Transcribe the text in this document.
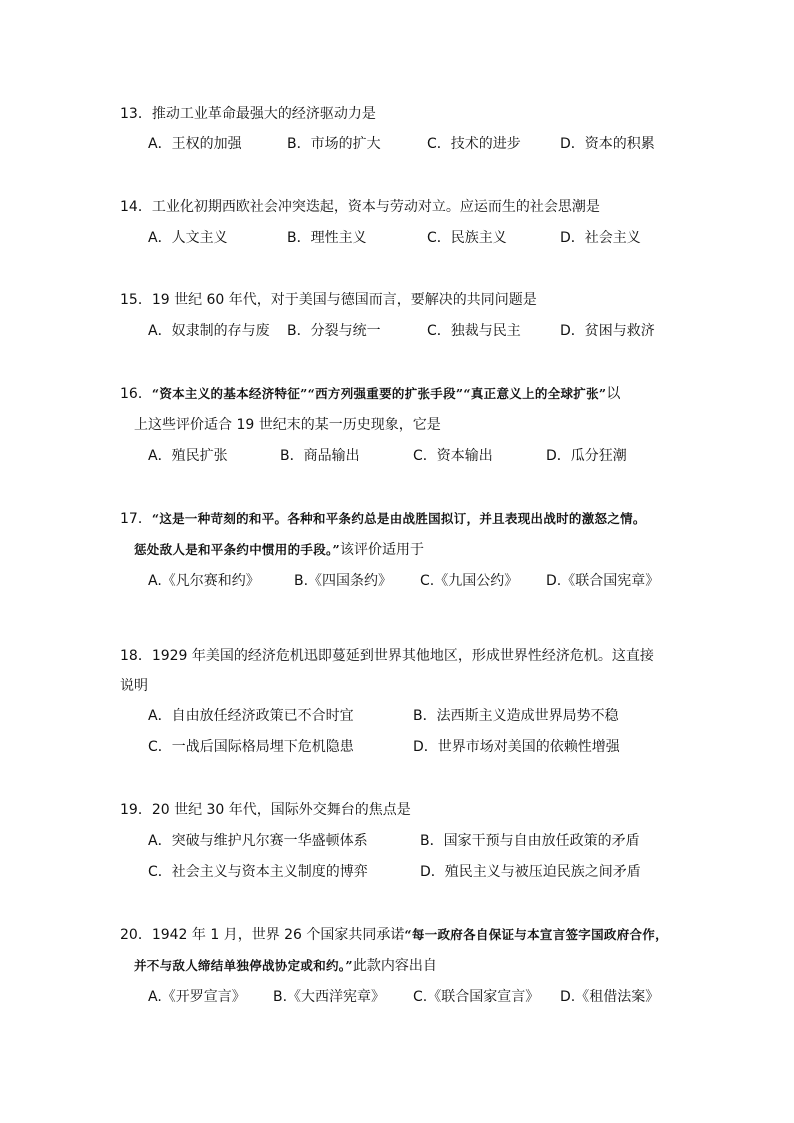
13．推动工业革命最强大的经济驱动力是
A．王权的加强	B．市场的扩大	C．技术的进步	D．资本的积累
14．工业化初期西欧社会冲突迭起，资本与劳动对立。应运而生的社会思潮是
A．人文主义	B．理性主义	C．民族主义	D．社会主义
15．19 世纪 60 年代，对于美国与德国而言，要解决的共同问题是
A．奴隶制的存与废 B．分裂与统一	C．独裁与民主	D．贫困与救济
16．“资本主义的基本经济特征”“西方列强重要的扩张手段”“真正意义上的全球扩张”以
上这些评价适合 19 世纪末的某一历史现象，它是
A．殖民扩张	B．商品输出	C．资本输出	D．瓜分狂潮
17．“这是一种苛刻的和平。各种和平条约总是由战胜国拟订，并且表现出战时的激怒之情。
惩处敌人是和平条约中惯用的手段。”该评价适用于
A.《凡尔赛和约》 B.《四国条约》 C.《九国公约》 D.《联合国宪章》
18．1929 年美国的经济危机迅即蔓延到世界其他地区，形成世界性经济危机。这直接
说明
A．自由放任经济政策已不合时宜	B．法西斯主义造成世界局势不稳
C．一战后国际格局埋下危机隐患	D．世界市场对美国的依赖性增强
19．20 世纪 30 年代，国际外交舞台的焦点是
A．突破与维护凡尔赛一华盛顿体系	B．国家干预与自由放任政策的矛盾
C．社会主义与资本主义制度的博弈	D．殖民主义与被压迫民族之间矛盾
20．1942 年 1 月，世界 26 个国家共同承诺“每一政府各自保证与本宣言签字国政府合作，
并不与敌人缔结单独停战协定或和约。”此款内容出自
A.《开罗宣言》 B.《大西洋宪章》 C.《联合国家宣言》 D.《租借法案》
